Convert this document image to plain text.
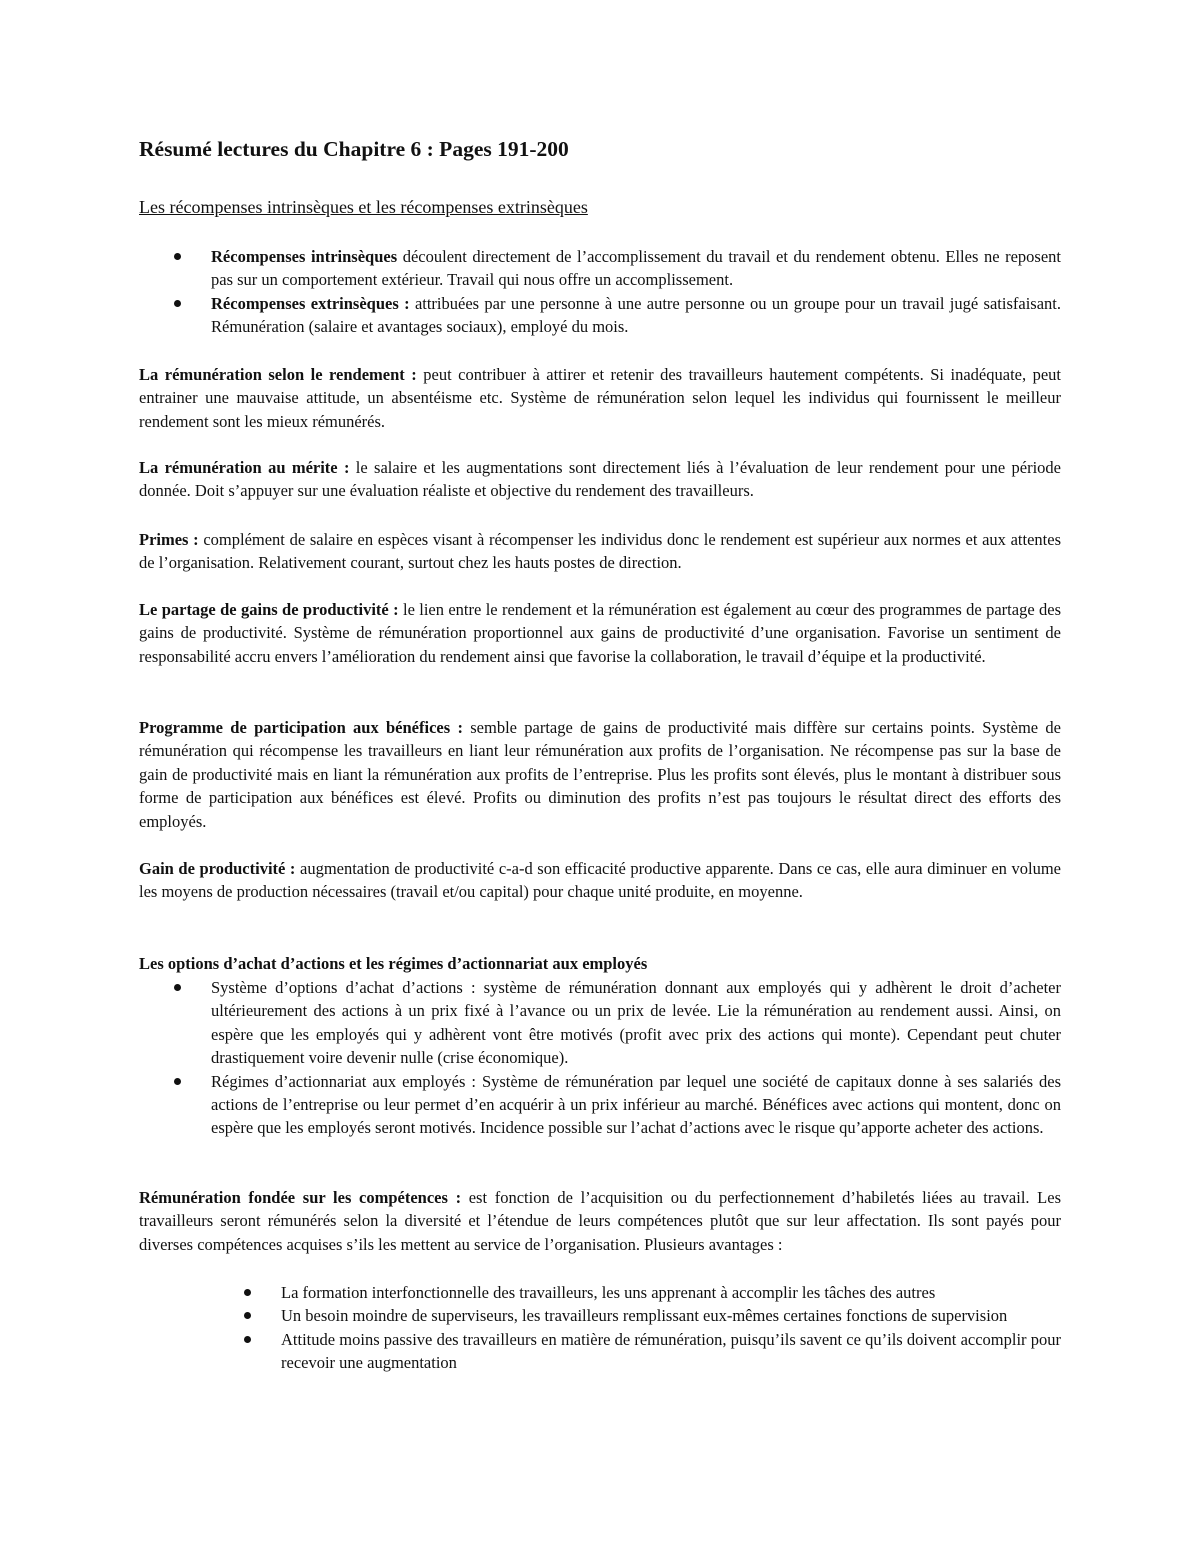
Résumé lectures du Chapitre 6 : Pages 191-200

Les récompenses intrinsèques et les récompenses extrinsèques

Récompenses intrinsèques découlent directement de l’accomplissement du travail et du rendement obtenu. Elles ne reposent pas sur un comportement extérieur. Travail qui nous offre un accomplissement.
Récompenses extrinsèques : attribuées par une personne à une autre personne ou un groupe pour un travail jugé satisfaisant. Rémunération (salaire et avantages sociaux), employé du mois.

La rémunération selon le rendement : peut contribuer à attirer et retenir des travailleurs hautement compétents. Si inadéquate, peut entrainer une mauvaise attitude, un absentéisme etc. Système de rémunération selon lequel les individus qui fournissent le meilleur rendement sont les mieux rémunérés.

La rémunération au mérite : le salaire et les augmentations sont directement liés à l’évaluation de leur rendement pour une période donnée. Doit s’appuyer sur une évaluation réaliste et objective du rendement des travailleurs.

Primes : complément de salaire en espèces visant à récompenser les individus donc le rendement est supérieur aux normes et aux attentes de l’organisation. Relativement courant, surtout chez les hauts postes de direction.

Le partage de gains de productivité : le lien entre le rendement et la rémunération est également au cœur des programmes de partage des gains de productivité. Système de rémunération proportionnel aux gains de productivité d’une organisation. Favorise un sentiment de responsabilité accru envers l’amélioration du rendement ainsi que favorise la collaboration, le travail d’équipe et la productivité.

Programme de participation aux bénéfices : semble partage de gains de productivité mais diffère sur certains points. Système de rémunération qui récompense les travailleurs en liant leur rémunération aux profits de l’organisation. Ne récompense pas sur la base de gain de productivité mais en liant la rémunération aux profits de l’entreprise. Plus les profits sont élevés, plus le montant à distribuer sous forme de participation aux bénéfices est élevé. Profits ou diminution des profits n’est pas toujours le résultat direct des efforts des employés.

Gain de productivité : augmentation de productivité c-a-d son efficacité productive apparente. Dans ce cas, elle aura diminuer en volume les moyens de production nécessaires (travail et/ou capital) pour chaque unité produite, en moyenne.

Les options d’achat d’actions et les régimes d’actionnariat aux employés

Système d’options d’achat d’actions : système de rémunération donnant aux employés qui y adhèrent le droit d’acheter ultérieurement des actions à un prix fixé à l’avance ou un prix de levée. Lie la rémunération au rendement aussi. Ainsi, on espère que les employés qui y adhèrent vont être motivés (profit avec prix des actions qui monte). Cependant peut chuter drastiquement voire devenir nulle (crise économique).
Régimes d’actionnariat aux employés : Système de rémunération par lequel une société de capitaux donne à ses salariés des actions de l’entreprise ou leur permet d’en acquérir à un prix inférieur au marché. Bénéfices avec actions qui montent, donc on espère que les employés seront motivés. Incidence possible sur l’achat d’actions avec le risque qu’apporte acheter des actions.

Rémunération fondée sur les compétences : est fonction de l’acquisition ou du perfectionnement d’habiletés liées au travail. Les travailleurs seront rémunérés selon la diversité et l’étendue de leurs compétences plutôt que sur leur affectation. Ils sont payés pour diverses compétences acquises s’ils les mettent au service de l’organisation. Plusieurs avantages :

La formation interfonctionnelle des travailleurs, les uns apprenant à accomplir les tâches des autres
Un besoin moindre de superviseurs, les travailleurs remplissant eux-mêmes certaines fonctions de supervision
Attitude moins passive des travailleurs en matière de rémunération, puisqu’ils savent ce qu’ils doivent accomplir pour recevoir une augmentation
